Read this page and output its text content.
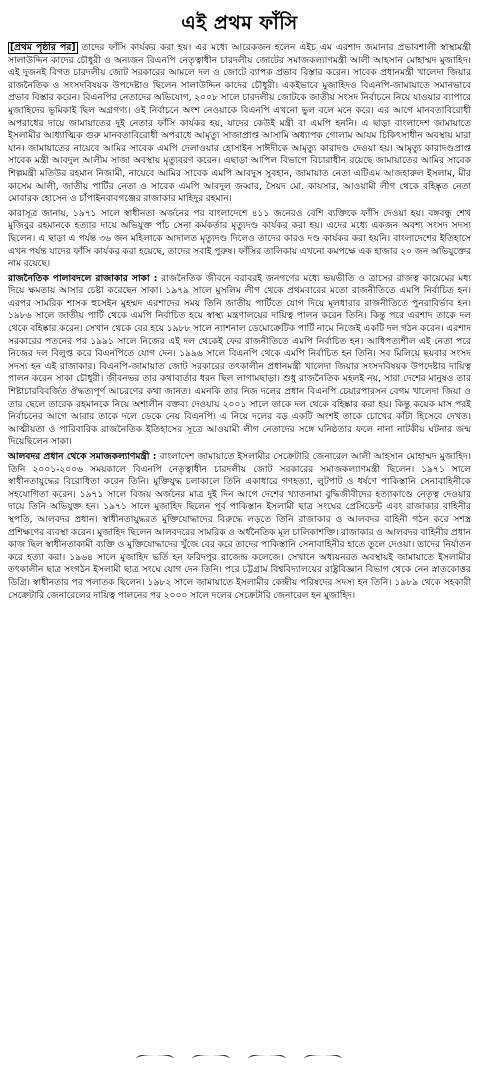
এই প্রথম ফাঁসি

[প্রথম পৃষ্ঠার পর] তাদের ফাঁসি কার্যকর করা হয়। এর মধ্যে আরেকজন হলেন এইচ এম এরশাদ জমানার প্রভাবশালী স্বাস্থ্যমন্ত্রী সালাউদ্দিন কাদের চৌধুরী ও অন্যজন বিএনপি নেতৃত্বাধীন চারদলীয় জোটের সমাজকল্যাণমন্ত্রী আলী আহসান মোহাম্মদ মুজাহিদ। এই দুজনই বিগত চারদলীয় জোট সরকারের আমলে দল ও জোটে ব্যাপক প্রভাব বিস্তার করেন। সাবেক প্রধানমন্ত্রী খালেদা জিয়ার রাজনৈতিক ও সংসদবিষয়ক উপদেষ্টাও ছিলেন সালাউদ্দিন কাদের চৌধুরী। একইভাবে মুজাহিদও বিএনপি-জামায়াতে সমানভাবে প্রভাব বিস্তার করেন। বিএনপির নেতাদের অভিযোগ, ২০০৮ সালে চারদলীয় জোটকে জাতীয় সংসদ নির্বাচনে নিয়ে যাওয়ার ব্যাপারে মুজাহিদের ভূমিকাই ছিল অগ্রগণ্য। ওই নির্বাচনে অংশ নেওয়াকে বিএনপি এখনো ভুল বলে মনে করে। এর আগে মানবতাবিরোধী অপরাধের দায়ে জামায়াতের দুই নেতার ফাঁসি কার্যকর হয়, যাদের কেউই মন্ত্রী বা এমপি হননি। এ ছাড়া বাংলাদেশ জামায়াতে ইসলামীর আধ্যাত্মিক গুরু মানবতাবিরোধী অপরাধে আমৃত্যু সাজাপ্রাপ্ত আসামি অধ্যাপক গোলাম আযম চিকিৎসাধীন অবস্থায় মারা যান। জামায়াতের নায়েবে আমির সাবেক এমপি দেলাওয়ার হোসাইন সাঈদীকে আমৃত্যু কারাদণ্ড দেওয়া হয়। আমৃত্যু কারাদণ্ডপ্রাপ্ত সাবেক মন্ত্রী আবদুল আলীম সাজা অবস্থায় মৃত্যুবরণ করেন। এছাড়া আপিল বিভাগে বিচারাধীন রয়েছে জামায়াতের আমির সাবেক শিল্পমন্ত্রী মতিউর রহমান নিজামী, নায়েবে আমির সাবেক এমপি আবদুস সুবহান, জামায়াত নেতা এটিএম আজহারুল ইসলাম, মীর কাসেম আলী, জাতীয় পার্টির নেতা ও সাবেক এমপি আবদুল জব্বার, সৈয়দ মো. কায়সার, আওয়ামী লীগ থেকে বহিষ্কৃত নেতা মোবারক হোসেন ও চাঁপাইনবাবগঞ্জের রাজাকার মাহিদুর রহমান।

কারাসূত্র জানায়, ১৯৭১ সালে স্বাধীনতা অর্জনের পর বাংলাদেশে ৪১১ জনেরও বেশি ব্যক্তিকে ফাঁসি দেওয়া হয়। বঙ্গবন্ধু শেখ মুজিবুর রহমানকে হত্যার দায়ে অভিযুক্ত পাঁচ সেনা কর্মকর্তার মৃত্যুদণ্ড কার্যকর করা হয়। এদের মধ্যে একজন অবশ্য সংসদ সদস্য ছিলেন। এ ছাড়া এ পর্যন্ত ৩৬ জন মহিলাকে আদালত মৃত্যুদণ্ড দিলেও তাদের কারও দণ্ড কার্যকর করা হয়নি। বাংলাদেশের ইতিহাসে এখন পর্যন্ত যাদের ফাঁসি কার্যকর করা হয়েছে, তাদের সবাই পুরুষ। ফাঁসির তালিকায় এখনো কমপক্ষে এক হাজার ২০ জন অভিযুক্তের নাম রয়েছে।

রাজনৈতিক পালাবদলে রাজাকার সাকা : রাজনৈতিক জীবনে বরাবরই জনগণের মধ্যে ভয়ভীতি ও ত্রাসের রাজত্ব কায়েমের মধ্য দিয়ে ক্ষমতায় আসার চেষ্টা করেছেন সাকা। ১৯৭৯ সালে মুসলিম লীগ থেকে প্রথমবারের মতো রাজনীতিতে এমপি নির্বাচিত হন। এরপর সামরিক শাসক হুসেইন মুহম্মদ এরশাদের সময় তিনি জাতীয় পার্টিতে যোগ দিয়ে মূলধারার রাজনীতিতে পুনরাবির্ভাব হন। ১৯৮৬ সালে জাতীয় পার্টি থেকে এমপি নির্বাচিত হয়ে স্বাস্থ্য মন্ত্রণালয়ের দায়িত্ব পালন করেন তিনি। কিন্তু পরে এরশাদ তাকে দল থেকে বহিষ্কার করেন। সেখান থেকে বের হয়ে ১৯৮৮ সালে ন্যাশনাল ডেমোক্রেটিক পার্টি নামে নিজেই একটি দল গঠন করেন। এরশাদ সরকারের পতনের পর ১৯৯১ সালে নিজের এই দল থেকেই ফের রাজনীতিতে এমপি নির্বাচিত হন। আধিপত্যশীল এই নেতা পরে নিজের দল বিলুপ্ত করে বিএনপিতে যোগ দেন। ১৯৯৬ সালে বিএনপি থেকে এমপি নির্বাচিত হন তিনি। সব মিলিয়ে ছয়বার সংসদ সদস্য হন এই রাজাকার। বিএনপি-জামায়াত জোট সরকারের তৎকালীন প্রধানমন্ত্রী খালেদা জিয়ার সংসদবিষয়ক উপদেষ্টার দায়িত্ব পালন করেন সাকা চৌধুরী। জীবনভর তার কথাবার্তার ধরন ছিল লাগামছাড়া। শুধু রাজনৈতিক মহলই নয়, সারা দেশের মানুষও তার শিষ্টাচারবিবর্জিত ঔদ্ধত্যপূর্ণ আচরণের কথা জানত। এমনকি তার নিজ দলের প্রধান বিএনপি চেয়ারপারসন বেগম খালেদা জিয়া ও তার ছেলে তারেক রহমানকে নিয়ে অশালীন বক্তব্য দেওয়ায় ২০০১ সালে তাকে দল থেকে বহিষ্কার করা হয়। কিন্তু কয়েক মাস পরই নির্বাচনের আগে আবার তাকে দলে ডেকে নেয় বিএনপি। এ নিয়ে দলের বড় একটি অংশই তাকে চোখের কাঁটা হিসেবে দেখত। আত্মীয়তা ও পারিবারিক রাজনৈতিক ইতিহাসের সূত্রে আওয়ামী লীগ নেতাদের সঙ্গে ঘনিষ্ঠতার ফলে নানা নাটকীয় ঘটনার জন্ম দিয়েছিলেন সাকা।

আলবদর প্রধান থেকে সমাজকল্যাণমন্ত্রী : বাংলাদেশ জামায়াতে ইসলামীর সেক্রেটারি জেনারেল আলী আহসান মোহাম্মদ মুজাহিদ। তিনি ২০০১-২০০৬ সময়কালে বিএনপি নেতৃত্বাধীন চারদলীয় জোট সরকারের সমাজকল্যাণমন্ত্রী ছিলেন। ১৯৭১ সালে স্বাধীনতাযুদ্ধের বিরোধিতা করেন তিনি। মুক্তিযুদ্ধ চলাকালে তিনি একাধারে গণহত্যা, লুটপাট ও ধর্ষণে পাকিস্তানি সেনাবাহিনীকে সহযোগিতা করেন। ১৯৭১ সালে বিজয় অর্জনের মাত্র দুই দিন আগে দেশের খ্যাতনামা বুদ্ধিজীবীদের হত্যাকাণ্ডে নেতৃত্ব দেওয়ার দায়ে তিনি অভিযুক্ত হন। ১৯৭১ সালে মুজাহিদ ছিলেন পূর্ব পাকিস্তান ইসলামী ছাত্র সংঘের প্রেসিডেন্ট এবং রাজাকার বাহিনীর স্থপতি, আলবদর প্রধান। স্বাধীনতাযুদ্ধরত মুক্তিযোদ্ধাদের বিরুদ্ধে লড়তে তিনি রাজাকার ও আলবদর বাহিনী গঠন করে সশস্ত্র প্রশিক্ষণের ব্যবস্থা করেন। মুজাহিদ ছিলেন আলবদরের সামরিক ও অর্ধনৈতিক মূল চালিকাশক্তি। রাজাকার ও আলবদর বাহিনীর প্রধান কাজ ছিল স্বাধীনতাকামী ব্যক্তি ও মুক্তিযোদ্ধাদের খুঁজে বের করে তাদের পাকিস্তানি সেনাবাহিনীর হাতে তুলে দেওয়া। তাদের নির্যাতন করে হত্যা করা। ১৯৬৪ সালে মুজাহিদ ভর্তি হন ফরিদপুর রাজেন্দ্র কলেজে। সেখানে অধ্যয়নরত অবস্থায়ই জামায়াতে ইসলামীর তৎকালীন ছাত্র সংগঠন ইসলামী ছাত্র সংঘে যোগ দেন তিনি। পরে চট্টগ্রাম বিশ্ববিদ্যালয়ের রাষ্ট্রবিজ্ঞান বিভাগ থেকে নেন স্নাতকোত্তর ডিগ্রি। স্বাধীনতার পর পলাতক ছিলেন। ১৯৮২ সালে জামায়াতে ইসলামীর কেন্দ্রীয় পরিষদের সদস্য হন তিনি। ১৯৮৯ থেকে সহকারী সেক্রেটারি জেনারেলের দায়িত্ব পালনের পর ২০০০ সালে দলের সেক্রেটারি জেনারেল হন মুজাহিদ।
